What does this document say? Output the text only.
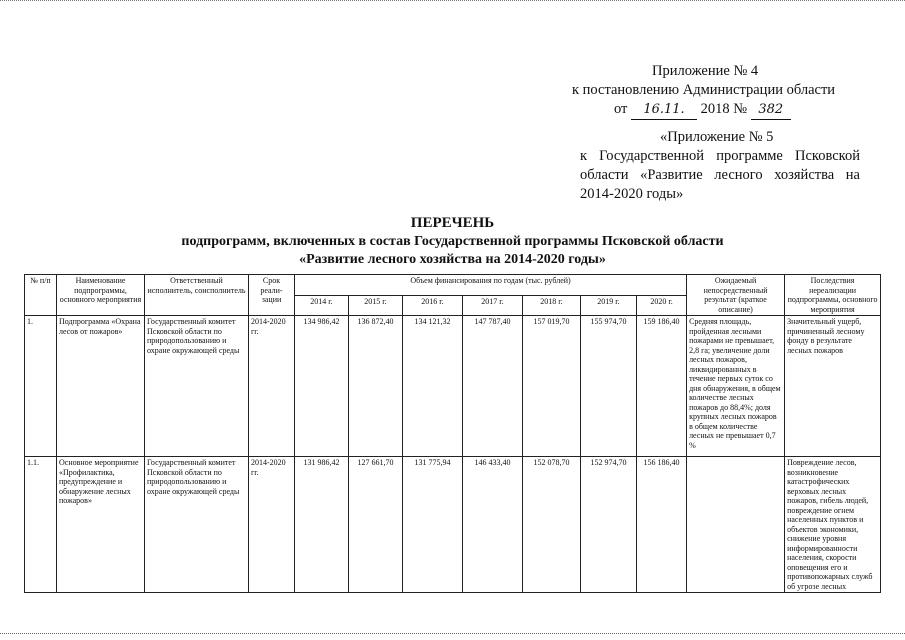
Приложение № 4
к постановлению Администрации области
от 16.11. 2018 № 382
«Приложение № 5
к Государственной программе Псковской
области «Развитие лесного хозяйства на
2014-2020 годы»
ПЕРЕЧЕНЬ
подпрограмм, включенных в состав Государственной программы Псковской области
«Развитие лесного хозяйства на 2014-2020 годы»
№ п/п	Наименование подпрограммы, основного мероприятия	Ответственный исполнитель, соисполнитель	Срок реали-зации	Объем финансирования по годам (тыс. рублей)							Ожидаемый непосредственный результат (краткое описание)	Последствия нереализации подпрограммы, основного мероприятия
				2014 г.	2015 г.	2016 г.	2017 г.	2018 г.	2019 г.	2020 г.		
1.	Подпрограмма «Охрана лесов от пожаров»	Государственный комитет Псковской области по природопользованию и охране окружающей среды	2014-2020 гг.	134 986,42	136 872,40	134 121,32	147 787,40	157 019,70	155 974,70	159 186,40	Средняя площадь, пройденная лесными пожарами не превышает, 2,8 га; увеличение доли лесных пожаров, ликвидированных в течение первых суток со дня обнаружения, в общем количестве лесных пожаров до 88,4%; доля крупных лесных пожаров в общем количестве лесных не превышает 0,7 %	Значительный ущерб, причиненный лесному фонду в результате лесных пожаров
1.1.	Основное мероприятие «Профилактика, предупреждение и обнаружение лесных пожаров»	Государственный комитет Псковской области по природопользованию и охране окружающей среды	2014-2020 гг.	131 986,42	127 661,70	131 775,94	146 433,40	152 078,70	152 974,70	156 186,40		Повреждение лесов, возникновение катастрофических верховых лесных пожаров, гибель людей, повреждение огнем населенных пунктов и объектов экономики, снижение уровня информированности населения, скорости оповещения его и противопожарных служб об угрозе лесных
